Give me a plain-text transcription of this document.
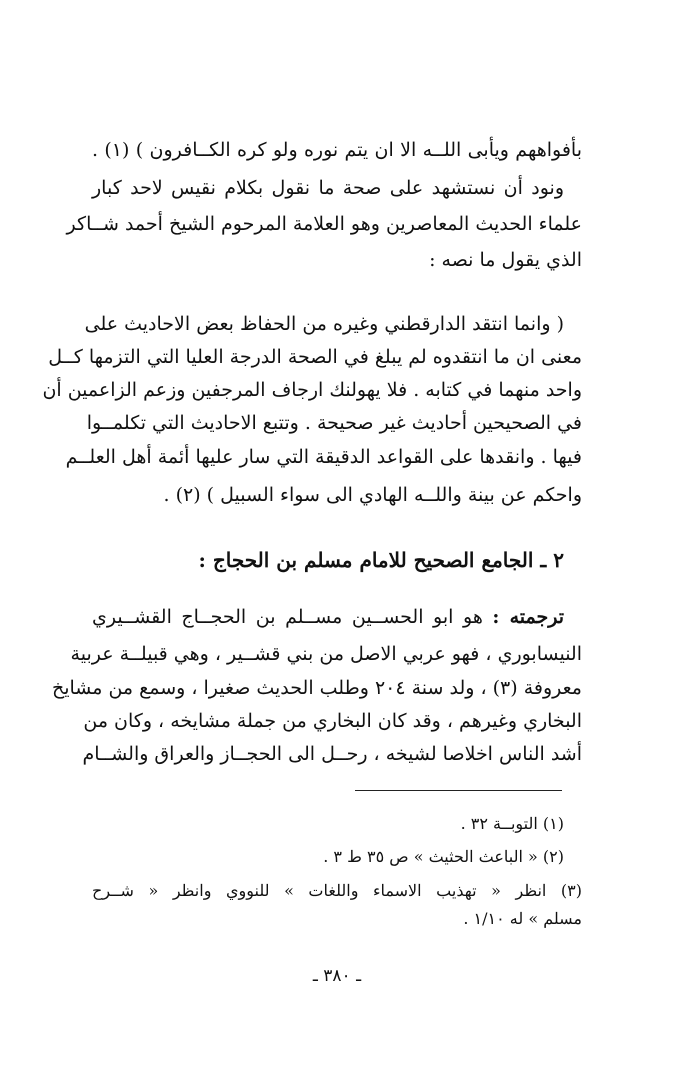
بأفواههم ويأبى اللــه الا ان يتم نوره ولو كره الكــافرون ) (١) .
ونود أن نستشهد على صحة ما نقول بكلام نقيس لاحد كبار
علماء الحديث المعاصرين وهو العلامة المرحوم الشيخ أحمد شــاكر
الذي يقول ما نصه :
( وانما انتقد الدارقطني وغيره من الحفاظ بعض الاحاديث على
معنى ان ما انتقدوه لم يبلغ في الصحة الدرجة العليا التي التزمها كــل
واحد منهما في كتابه . فلا يهولنك ارجاف المرجفين وزعم الزاعمين أن
في الصحيحين أحاديث غير صحيحة . وتتبع الاحاديث التي تكلمــوا
فيها . وانقدها على القواعد الدقيقة التي سار عليها أئمة أهل العلــم
واحكم عن بينة واللــه الهادي الى سواء السبيل ) (٢) .
٢ ـ الجامع الصحيح للامام مسلم بن الحجاج :
ترجمته : هو ابو الحســين مســلم بن الحجــاج القشــيري
النيسابوري ، فهو عربي الاصل من بني قشــير ، وهي قبيلــة عربية
معروفة (٣) ، ولد سنة ٢٠٤ وطلب الحديث صغيرا ، وسمع من مشايخ
البخاري وغيرهم ، وقد كان البخاري من جملة مشايخه ، وكان من
أشد الناس اخلاصا لشيخه ، رحــل الى الحجــاز والعراق والشــام
(١) التوبــة ٣٢ .
(٢) « الباعث الحثيث » ص ٣٥ ط ٣ .
(٣) انظر « تهذيب الاسماء واللغات » للنووي وانظر « شــرح
مسلم » له ١/١٠ .
ـ ٣٨٠ ـ
